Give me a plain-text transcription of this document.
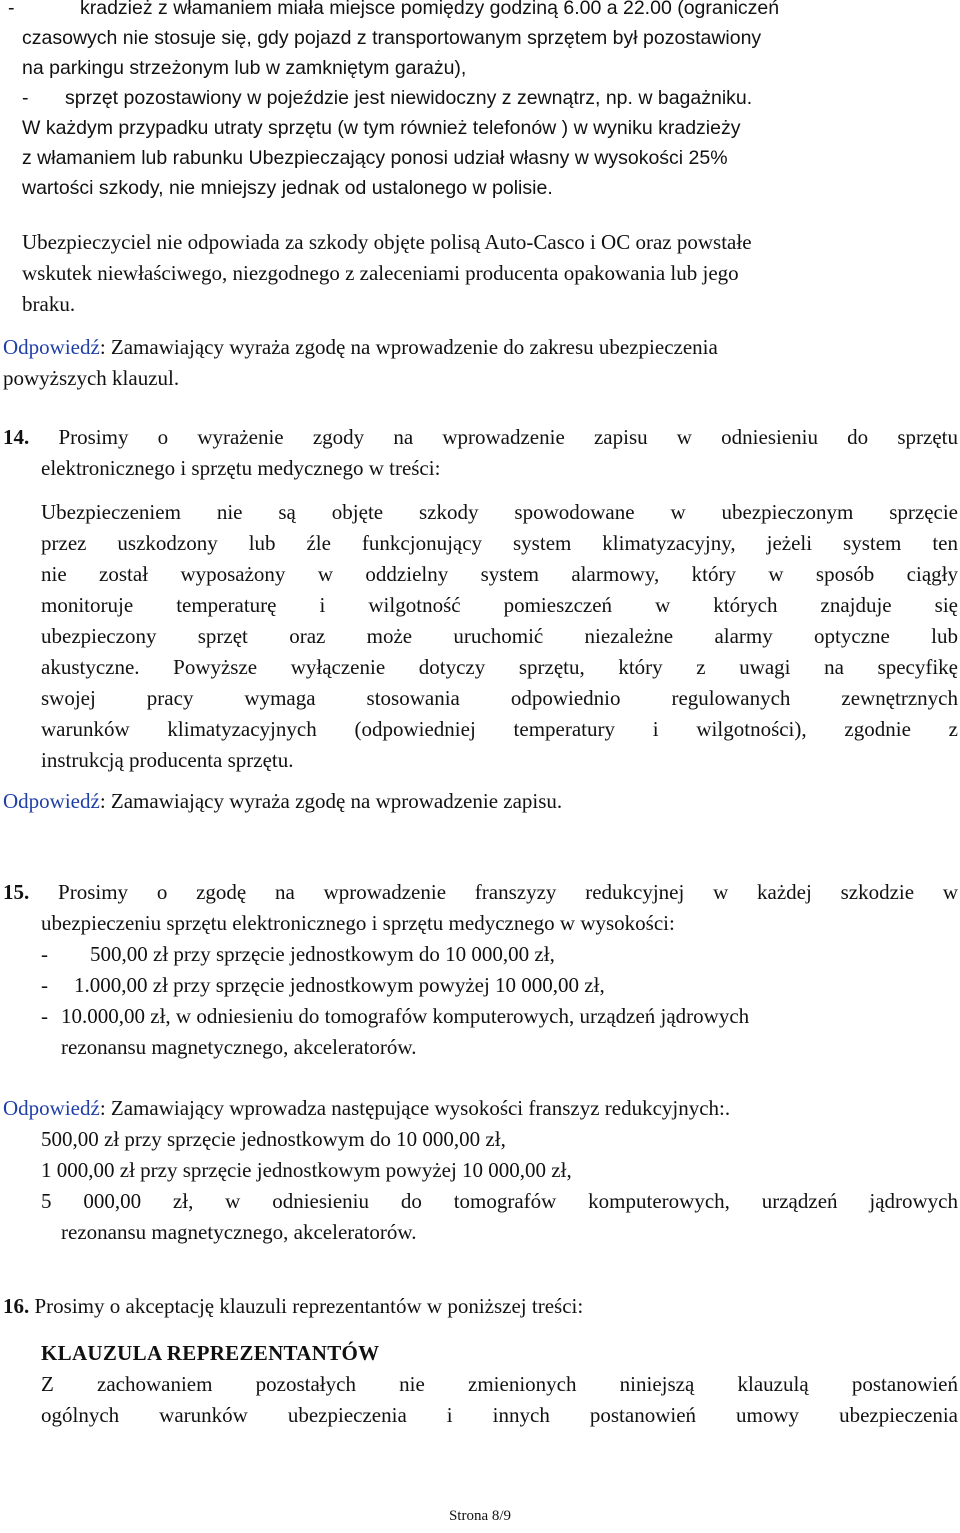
-	kradzież z włamaniem miała miejsce pomiędzy godziną 6.00 a 22.00 (ograniczeń
czasowych nie stosuje się, gdy pojazd z transportowanym sprzętem był pozostawiony
na parkingu strzeżonym lub w zamkniętym garażu),
- sprzęt pozostawiony w pojeździe jest niewidoczny z zewnątrz, np. w bagażniku.
W każdym przypadku utraty sprzętu (w tym również telefonów ) w wyniku kradzieży
z włamaniem lub rabunku Ubezpieczający ponosi udział własny w wysokości 25%
wartości szkody, nie mniejszy jednak od ustalonego w polisie.
Ubezpieczyciel nie odpowiada za szkody objęte polisą Auto-Casco i OC oraz powstałe
wskutek niewłaściwego, niezgodnego z zaleceniami producenta opakowania lub jego
braku.
Odpowiedź: Zamawiający wyraża zgodę na wprowadzenie do zakresu ubezpieczenia
powyższych klauzul.
14. Prosimy o wyrażenie zgody na wprowadzenie zapisu w odniesieniu do sprzętu
elektronicznego i sprzętu medycznego w treści:
Ubezpieczeniem nie są objęte szkody spowodowane w ubezpieczonym sprzęcie
przez uszkodzony lub źle funkcjonujący system klimatyzacyjny, jeżeli system ten
nie został wyposażony w oddzielny system alarmowy, który w sposób ciągły
monitoruje temperaturę i wilgotność pomieszczeń w których znajduje się
ubezpieczony sprzęt oraz może uruchomić niezależne alarmy optyczne lub
akustyczne. Powyższe wyłączenie dotyczy sprzętu, który z uwagi na specyfikę
swojej pracy wymaga stosowania odpowiednio regulowanych zewnętrznych
warunków klimatyzacyjnych (odpowiedniej temperatury i wilgotności), zgodnie z
instrukcją producenta sprzętu.
Odpowiedź: Zamawiający wyraża zgodę na wprowadzenie zapisu.
15. Prosimy o zgodę na wprowadzenie franszyzy redukcyjnej w każdej szkodzie w
ubezpieczeniu sprzętu elektronicznego i sprzętu medycznego w wysokości:
- 500,00 zł przy sprzęcie jednostkowym do 10 000,00 zł,
- 1.000,00 zł przy sprzęcie jednostkowym powyżej 10 000,00 zł,
- 10.000,00 zł, w odniesieniu do tomografów komputerowych, urządzeń jądrowych
rezonansu magnetycznego, akceleratorów.
Odpowiedź: Zamawiający wprowadza następujące wysokości franszyz redukcyjnych:.
500,00 zł przy sprzęcie jednostkowym do 10 000,00 zł,
1 000,00 zł przy sprzęcie jednostkowym powyżej 10 000,00 zł,
5 000,00 zł, w odniesieniu do tomografów komputerowych, urządzeń jądrowych
rezonansu magnetycznego, akceleratorów.
16. Prosimy o akceptację klauzuli reprezentantów w poniższej treści:
KLAUZULA REPREZENTANTÓW
Z zachowaniem pozostałych nie zmienionych niniejszą klauzulą postanowień
ogólnych warunków ubezpieczenia i innych postanowień umowy ubezpieczenia
Strona 8/9
